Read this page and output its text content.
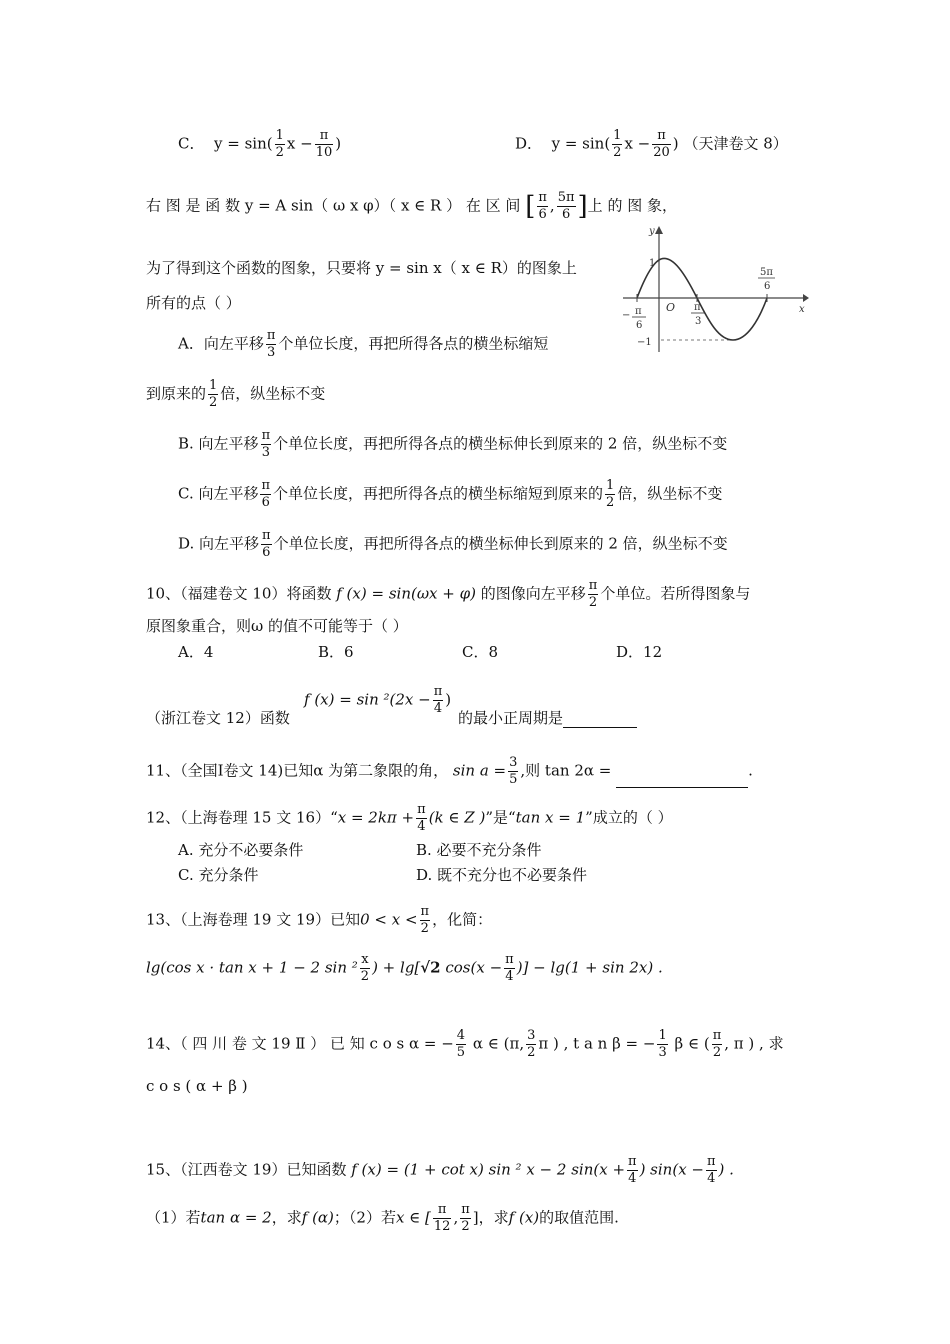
C． $y = \sin( \frac{1}{2}$ $x - \frac{\pi}{10}$ )	D． $y = \sin( \frac{1}{2}$ $x - \frac{\pi}{20}$ ) （天津卷文 8）
右 图 是 函 数 y = A sin（ ω x φ）（ x ∈ R ） 在 区 间 [ $\frac{\pi}{6}$ , $\frac{5\pi}{6}$ ]上 的 图 象，
为了得到这个函数的图象，只要将 y = sin x（ x ∈ R）的图象上
所有的点（ ）
y
x
O
1
−1
− π
6
π
3
5π
6
A．向左平移 $\frac{\pi}{3}$ 个单位长度，再把所得各点的横坐标缩短
到原来的 $\frac{1}{2}$ 倍，纵坐标不变
B. 向左平移 $\frac{\pi}{3}$ 个单位长度，再把所得各点的横坐标伸长到原来的 2 倍，纵坐标不变
C. 向左平移 $\frac{\pi}{6}$ 个单位长度，再把所得各点的横坐标缩短到原来的 $\frac{1}{2}$ 倍，纵坐标不变
D. 向左平移 $\frac{\pi}{6}$ 个单位长度，再把所得各点的横坐标伸长到原来的 2 倍，纵坐标不变
10、（福建卷文 10）将函数 f (x) = sin(ωx + φ) 的图像向左平移 $\frac{\pi}{2}$ 个单位。若所得图象与
原图象重合，则ω 的值不可能等于（ ）
A．4	B．6	C．8	D．12
（浙江卷文 12）函数
f $(x) = \sin ^2(2x - \frac{\pi}{4}$ )
的最小正周期是
11、（全国Ⅰ卷文 14)已知α 为第二象限的角， $\sin a = \frac{3}{5}$ ,则 tan 2α =	.
12、（上海卷理 15 文 16）“x = $2k\pi + \frac{\pi}{4} (k$ ∈ Z )”是“tan x = 1”成立的（ ）
A. 充分不必要条件	B. 必要不充分条件
C. 充分条件	D. 既不充分也不必要条件
13、（上海卷理 19 文 19）已知$0 < x < \frac{\pi}{2}$ ，化简：
lg(cos x · tan x + 1 − 2 $\sin ^2 \frac{x}{2}$ ) + lg[√2 $\cos(x - \frac{\pi}{4}$ )] − lg(1 + sin 2x) .
14、（ 四 川 卷 文 19 Ⅱ ） 已 知 c o s α = − $\frac{4}{5}$ α ∈ (π, $\frac{3}{2}$ π ) , t a n β = − $\frac{1}{3}$ β ∈ ( $\frac{\pi}{2}$ , π ) , 求
c o s ( α + β )
15、（江西卷文 19）已知函数 f (x) = (1 + cot x) sin ² x − 2 $\sin(x + \frac{\pi}{4}$ ) $\sin(x - \frac{\pi}{4}$ ) .
（1）若tan α = 2，求f (α)；（2）若x ∈ [ $\frac{\pi}{12}$ , $\frac{\pi}{2}$ ]，求f (x)的取值范围.
